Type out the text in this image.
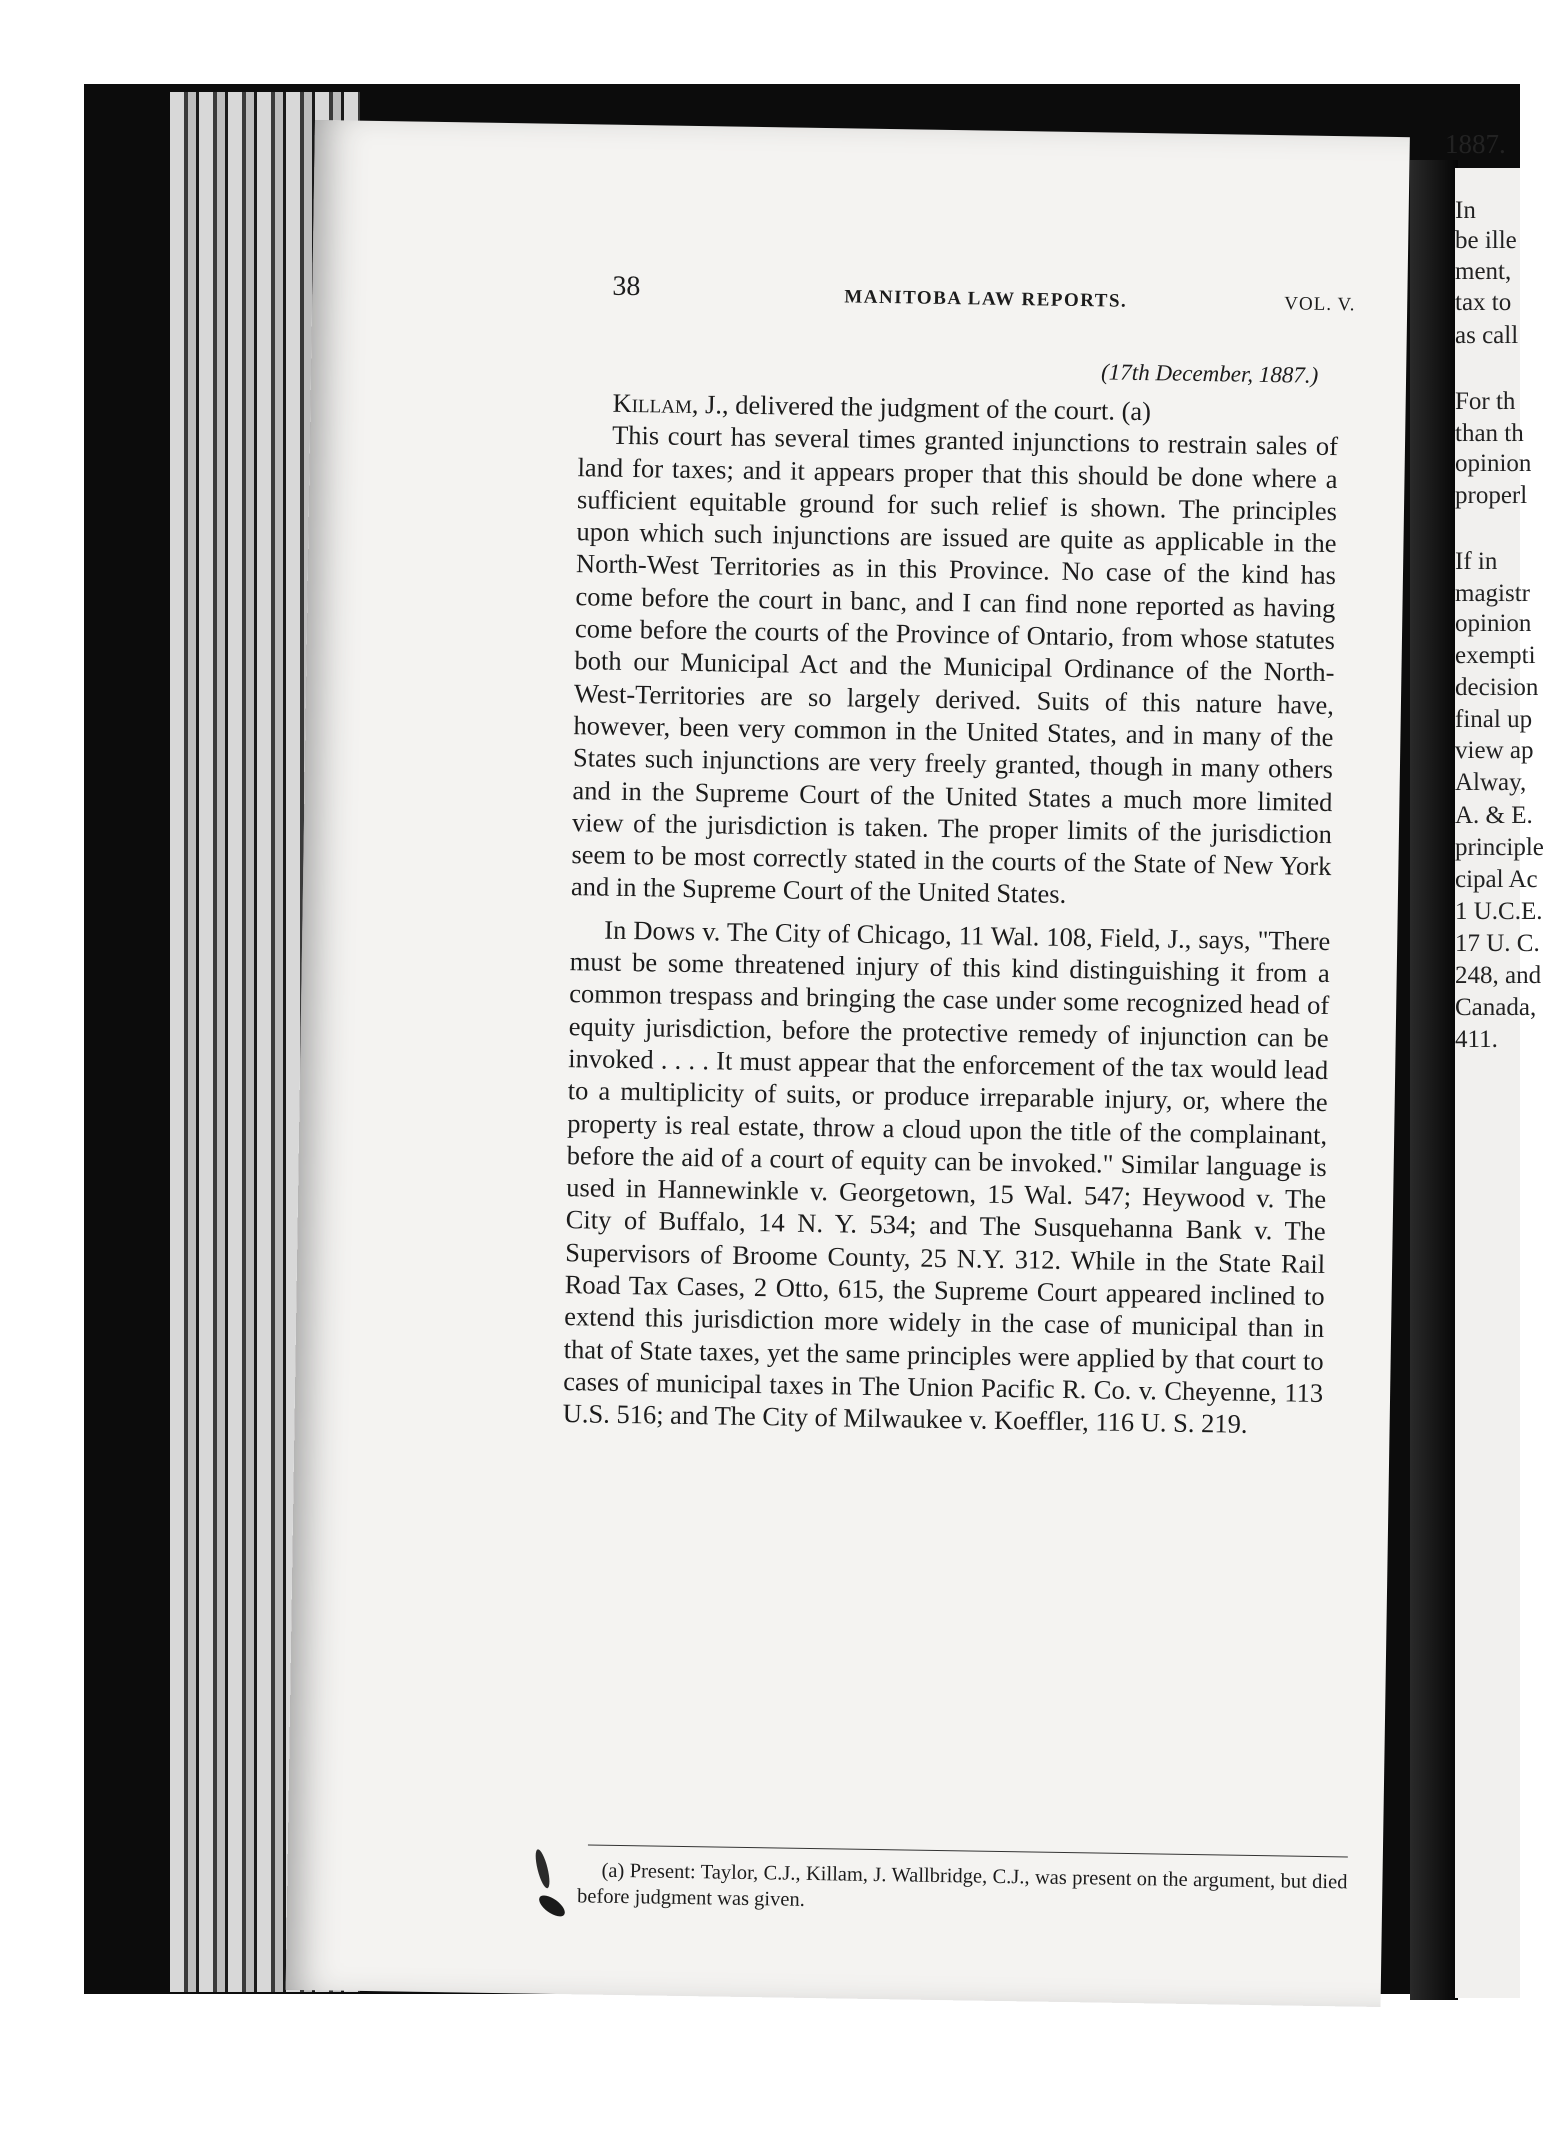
38	MANITOBA LAW REPORTS.	VOL. V.
(17th December, 1887.)

Killam, J., delivered the judgment of the court. (a)

This court has several times granted injunctions to restrain sales of land for taxes; and it appears proper that this should be done where a sufficient equitable ground for such relief is shown. The principles upon which such injunctions are issued are quite as applicable in the North-West Territories as in this Province. No case of the kind has come before the court in banc, and I can find none reported as having come before the courts of the Province of Ontario, from whose statutes both our Municipal Act and the Municipal Ordinance of the North-West-Territories are so largely derived. Suits of this nature have, however, been very common in the United States, and in many of the States such injunctions are very freely granted, though in many others and in the Supreme Court of the United States a much more limited view of the jurisdiction is taken. The proper limits of the jurisdiction seem to be most correctly stated in the courts of the State of New York and in the Supreme Court of the United States.

In Dows v. The City of Chicago, 11 Wal. 108, Field, J., says, "There must be some threatened injury of this kind distinguishing it from a common trespass and bringing the case under some recognized head of equity jurisdiction, before the protective remedy of injunction can be invoked . . . . It must appear that the enforcement of the tax would lead to a multiplicity of suits, or produce irreparable injury, or, where the property is real estate, throw a cloud upon the title of the complainant, before the aid of a court of equity can be invoked." Similar language is used in Hannewinkle v. Georgetown, 15 Wal. 547; Heywood v. The City of Buffalo, 14 N. Y. 534; and The Susquehanna Bank v. The Supervisors of Broome County, 25 N.Y. 312. While in the State Rail Road Tax Cases, 2 Otto, 615, the Supreme Court appeared inclined to extend this jurisdiction more widely in the case of municipal than in that of State taxes, yet the same principles were applied by that court to cases of municipal taxes in The Union Pacific R. Co. v. Cheyenne, 113 U.S. 516; and The City of Milwaukee v. Koeffler, 116 U. S. 219.

(a) Present: Taylor, C.J., Killam, J. Wallbridge, C.J., was present on the argument, but died before judgment was given.
1887.
In
be ille
ment,
tax to
as call
For th
than th
opinion
properl
If in
magistr
opinion
exempti
decision
final up
view ap
Alway,
A. & E.
principle
cipal Ac
1 U.C.E.
17 U. C.
248, and
Canada,
411.
